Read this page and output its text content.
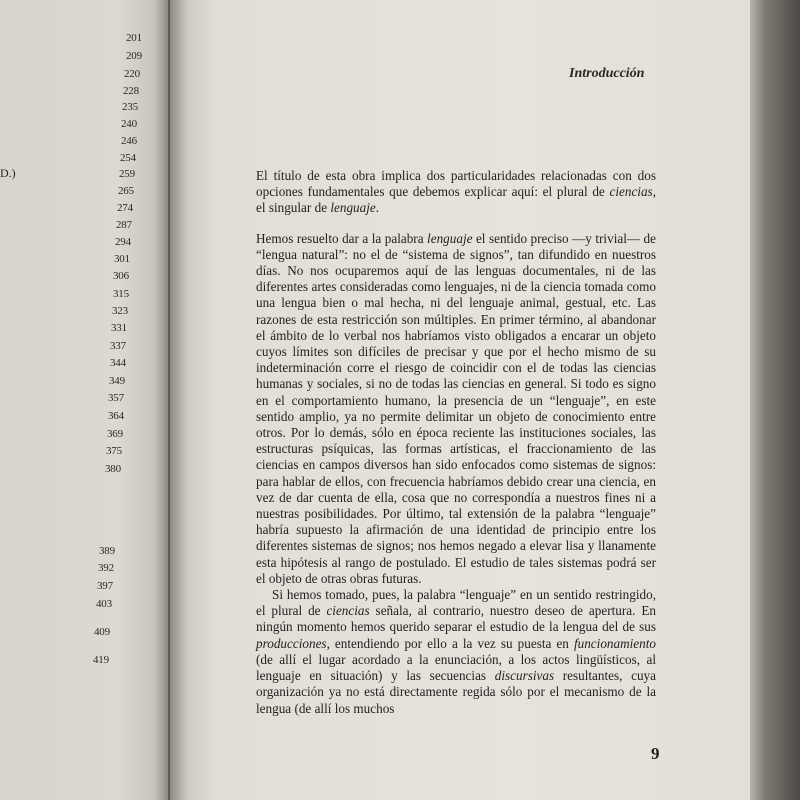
201
209
220
228
235
240
246
254
259
265
274
287
294
301
306
315
323
331
337
344
349
357
364
369
375
380
389
392
397
403
409
419
D.)
Introducción

El título de esta obra implica dos particularidades relacionadas con dos opciones fundamentales que debemos explicar aquí: el plural de ciencias, el singular de lenguaje.

Hemos resuelto dar a la palabra lenguaje el sentido preciso —y trivial— de “lengua natural”: no el de “sistema de signos”, tan difundido en nuestros días. No nos ocuparemos aquí de las lenguas documentales, ni de las diferentes artes consideradas como lenguajes, ni de la ciencia tomada como una lengua bien o mal hecha, ni del lenguaje animal, gestual, etc. Las razones de esta restricción son múltiples. En primer término, al abandonar el ámbito de lo verbal nos habríamos visto obligados a encarar un objeto cuyos límites son difíciles de precisar y que por el hecho mismo de su indeterminación corre el riesgo de coincidir con el de todas las ciencias humanas y sociales, si no de todas las ciencias en general. Si todo es signo en el comportamiento humano, la presencia de un “lenguaje”, en este sentido amplio, ya no permite delimitar un objeto de conocimiento entre otros. Por lo demás, sólo en época reciente las instituciones sociales, las estructuras psíquicas, las formas artísticas, el fraccionamiento de las ciencias en campos diversos han sido enfocados como sistemas de signos: para hablar de ellos, con frecuencia habríamos debido crear una ciencia, en vez de dar cuenta de ella, cosa que no correspondía a nuestros fines ni a nuestras posibilidades. Por último, tal extensión de la palabra “lenguaje” habría supuesto la afirmación de una identidad de principio entre los diferentes sistemas de signos; nos hemos negado a elevar lisa y llanamente esta hipótesis al rango de postulado. El estudio de tales sistemas podrá ser el objeto de otras obras futuras.

Si hemos tomado, pues, la palabra “lenguaje” en un sentido restringido, el plural de ciencias señala, al contrario, nuestro deseo de apertura. En ningún momento hemos querido separar el estudio de la lengua del de sus producciones, entendiendo por ello a la vez su puesta en funcionamiento (de allí el lugar acordado a la enunciación, a los actos lingüísticos, al lenguaje en situación) y las secuencias discursivas resultantes, cuya organización ya no está directamente regida sólo por el mecanismo de la lengua (de allí los muchos

9
